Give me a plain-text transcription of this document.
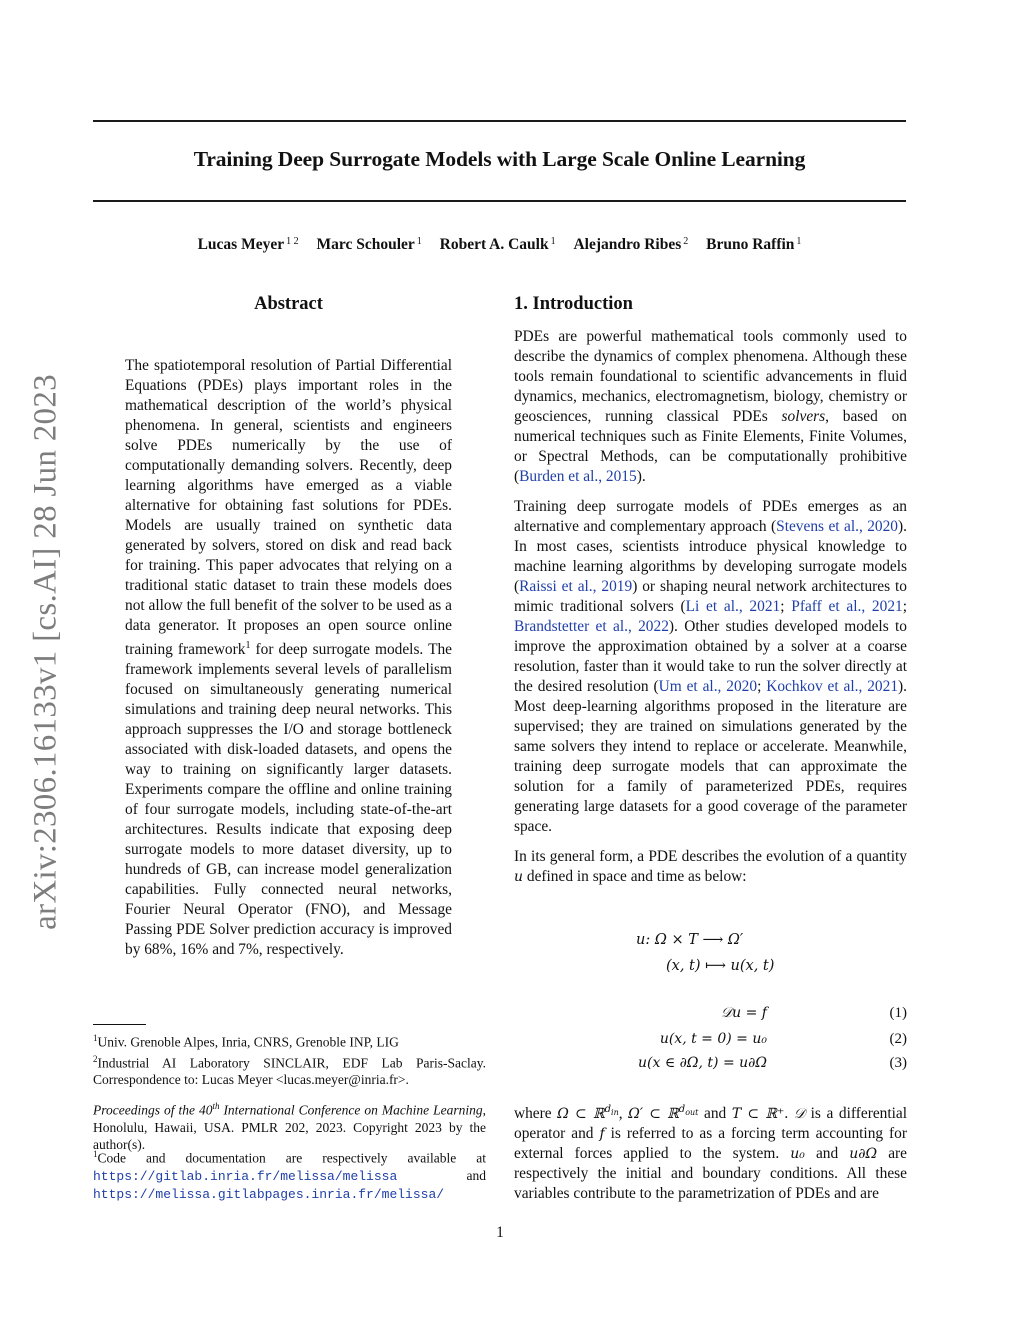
arXiv:2306.16133v1 [cs.AI] 28 Jun 2023
Training Deep Surrogate Models with Large Scale Online Learning
Lucas Meyer $^{1 2}$ Marc Schouler $^1$ Robert A. Caulk $^1$ Alejandro Ribes $^2$ Bruno Raffin $^1$
Abstract

The spatiotemporal resolution of Partial Differential Equations (PDEs) plays important roles in the mathematical description of the world’s physical phenomena. In general, scientists and engineers solve PDEs numerically by the use of computationally demanding solvers. Recently, deep learning algorithms have emerged as a viable alternative for obtaining fast solutions for PDEs. Models are usually trained on synthetic data generated by solvers, stored on disk and read back for training. This paper advocates that relying on a traditional static dataset to train these models does not allow the full benefit of the solver to be used as a data generator. It proposes an open source online training framework$^1$ for deep surrogate models. The framework implements several levels of parallelism focused on simultaneously generating numerical simulations and training deep neural networks. This approach suppresses the I/O and storage bottleneck associated with disk-loaded datasets, and opens the way to training on significantly larger datasets. Experiments compare the offline and online training of four surrogate models, including state-of-the-art architectures. Results indicate that exposing deep surrogate models to more dataset diversity, up to hundreds of GB, can increase model generalization capabilities. Fully connected neural networks, Fourier Neural Operator (FNO), and Message Passing PDE Solver prediction accuracy is improved by 68%, 16% and 7%, respectively.

1. Introduction

PDEs are powerful mathematical tools commonly used to describe the dynamics of complex phenomena. Although these tools remain foundational to scientific advancements in fluid dynamics, mechanics, electromagnetism, biology, chemistry or geosciences, running classical PDEs solvers, based on numerical techniques such as Finite Elements, Finite Volumes, or Spectral Methods, can be computationally prohibitive (Burden et al., 2015).

Training deep surrogate models of PDEs emerges as an alternative and complementary approach (Stevens et al., 2020). In most cases, scientists introduce physical knowledge to machine learning algorithms by developing surrogate models (Raissi et al., 2019) or shaping neural network architectures to mimic traditional solvers (Li et al., 2021; Pfaff et al., 2021; Brandstetter et al., 2022). Other studies developed models to improve the approximation obtained by a solver at a coarse resolution, faster than it would take to run the solver directly at the desired resolution (Um et al., 2020; Kochkov et al., 2021). Most deep-learning algorithms proposed in the literature are supervised; they are trained on simulations generated by the same solvers they intend to replace or accelerate. Meanwhile, training deep surrogate models that can approximate the solution for a family of parameterized PDEs, requires generating large datasets for a good coverage of the parameter space.

In its general form, a PDE describes the evolution of a quantity u defined in space and time as below:

u: Ω × T ⟶ Ω′
(x, t) ⟼ u(x, t)
𝒟u = f	(1)
u(x, t = 0) = u₀	(2)
u(x ∈ ∂Ω, t) = u∂Ω	(3)

where Ω ⊂ ℝ$^{d_{in}}$, Ω′ ⊂ ℝ$^{d_{out}}$ and T ⊂ ℝ⁺. 𝒟 is a differential operator and f is referred to as a forcing term accounting for external forces applied to the system. u₀ and u∂Ω are respectively the initial and boundary conditions. All these variables contribute to the parametrization of PDEs and are

$^1$Univ. Grenoble Alpes, Inria, CNRS, Grenoble INP, LIG

$^2$Industrial AI Laboratory SINCLAIR, EDF Lab Paris-Saclay. Correspondence to: Lucas Meyer <lucas.meyer@inria.fr>.

Proceedings of the 40th International Conference on Machine Learning, Honolulu, Hawaii, USA. PMLR 202, 2023. Copyright 2023 by the author(s).

$^1$Code and documentation are respectively available at https://gitlab.inria.fr/melissa/melissa and https://melissa.gitlabpages.inria.fr/melissa/

1
